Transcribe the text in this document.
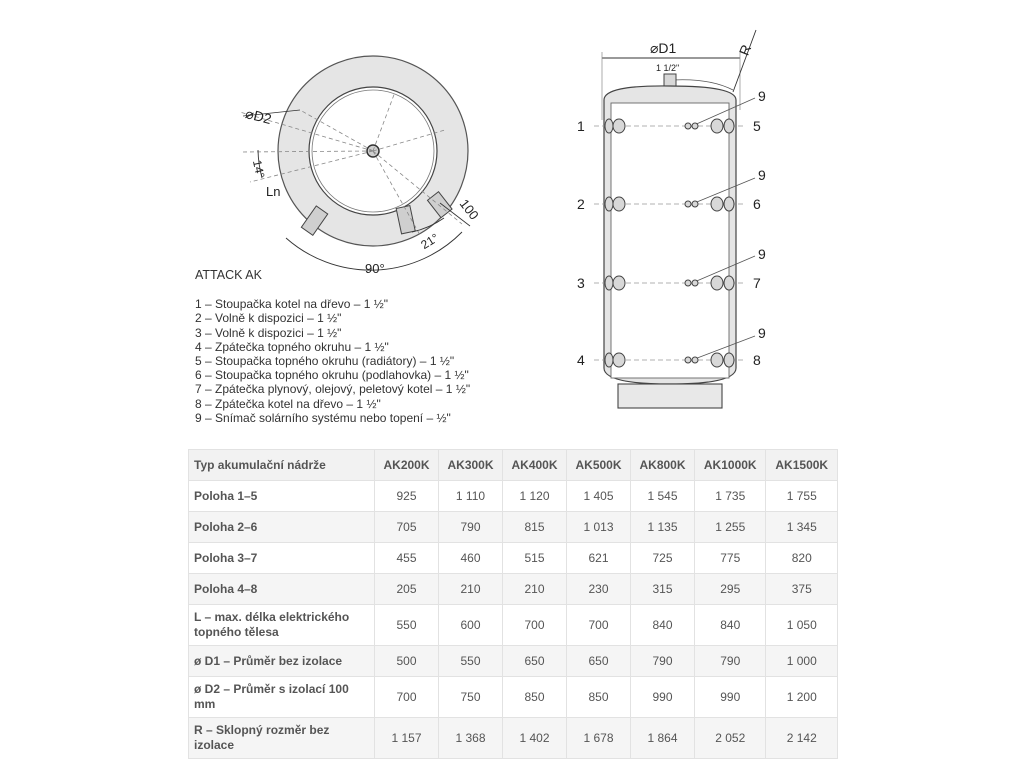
⌀D2
14°
Ln
100
21°
90°
⌀D1	R
1 1/2"
1
2
3
4
5
6
7
8
9
9
9
9
ATTACK AK
1 – Stoupačka kotel na dřevo – 1 ½"
2 – Volně k dispozici – 1 ½"
3 – Volně k dispozici – 1 ½"
4 – Zpátečka topného okruhu – 1 ½"
5 – Stoupačka topného okruhu (radiátory) – 1 ½"
6 – Stoupačka topného okruhu (podlahovka) – 1 ½"
7 – Zpátečka plynový, olejový, peletový kotel – 1 ½"
8 – Zpátečka kotel na dřevo – 1 ½"
9 – Snímač solárního systému nebo topení – ½"
Typ akumulační nádrže	AK200K	AK300K	AK400K	AK500K	AK800K	AK1000K	AK1500K
Poloha 1–5	925	1 110	1 120	1 405	1 545	1 735	1 755
Poloha 2–6	705	790	815	1 013	1 135	1 255	1 345
Poloha 3–7	455	460	515	621	725	775	820
Poloha 4–8	205	210	210	230	315	295	375
L – max. délka elektrického topného tělesa	550	600	700	700	840	840	1 050
ø D1 – Průměr bez izolace	500	550	650	650	790	790	1 000
ø D2 – Průměr s izolací 100 mm	700	750	850	850	990	990	1 200
R – Sklopný rozměr bez izolace	1 157	1 368	1 402	1 678	1 864	2 052	2 142
